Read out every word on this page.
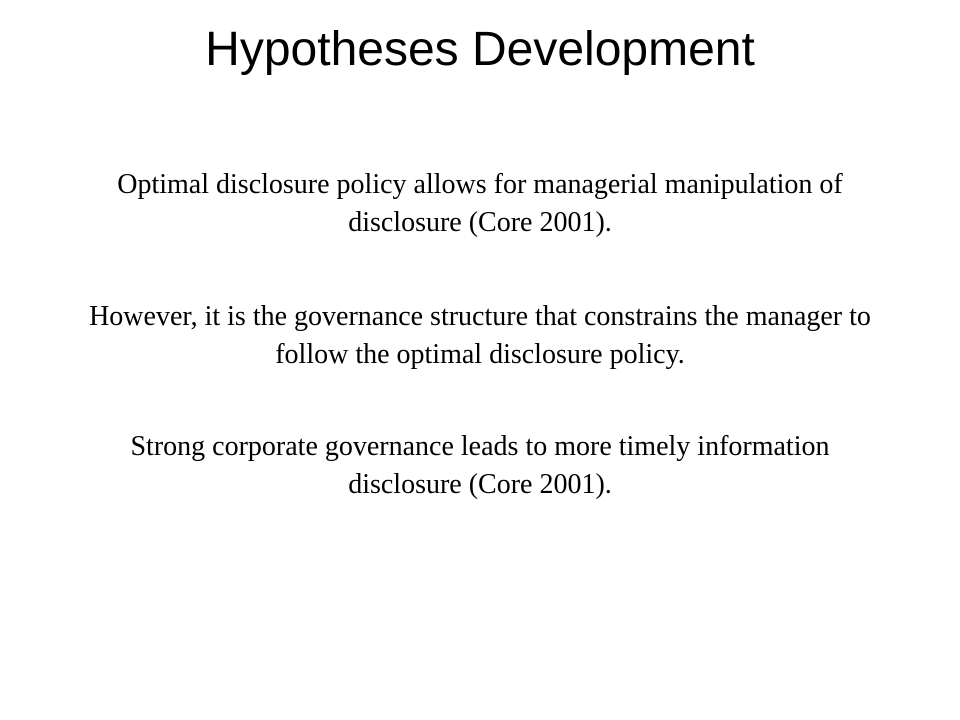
Hypotheses Development

Optimal disclosure policy allows for managerial manipulation of
disclosure (Core 2001).

However, it is the governance structure that constrains the manager to
follow the optimal disclosure policy.

Strong corporate governance leads to more timely information
disclosure (Core 2001).
